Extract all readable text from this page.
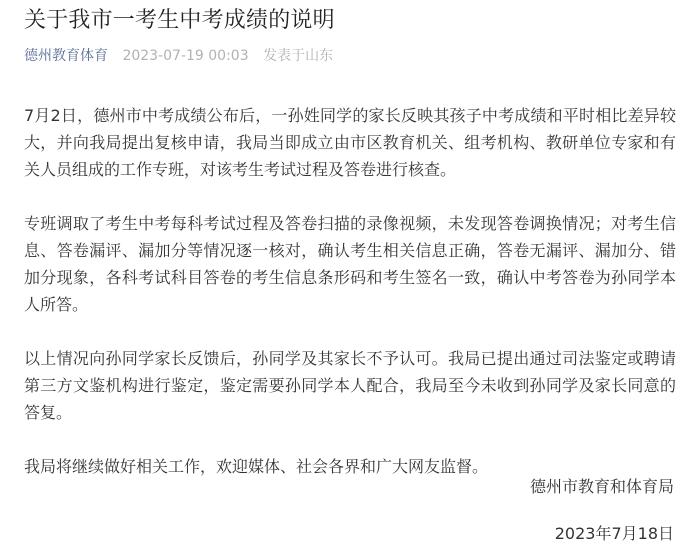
关于我市一考生中考成绩的说明
德州教育体育 2023-07-19 00:03 发表于山东

7月2日，德州市中考成绩公布后，一孙姓同学的家长反映其孩子中考成绩和平时相比差异较大，并向我局提出复核申请，我局当即成立由市区教育机关、组考机构、教研单位专家和有关人员组成的工作专班，对该考生考试过程及答卷进行核查。

专班调取了考生中考每科考试过程及答卷扫描的录像视频，未发现答卷调换情况；对考生信息、答卷漏评、漏加分等情况逐一核对，确认考生相关信息正确，答卷无漏评、漏加分、错加分现象，各科考试科目答卷的考生信息条形码和考生签名一致，确认中考答卷为孙同学本人所答。

以上情况向孙同学家长反馈后，孙同学及其家长不予认可。我局已提出通过司法鉴定或聘请第三方文鉴机构进行鉴定，鉴定需要孙同学本人配合，我局至今未收到孙同学及家长同意的答复。

我局将继续做好相关工作，欢迎媒体、社会各界和广大网友监督。

德州市教育和体育局
2023年7月18日
